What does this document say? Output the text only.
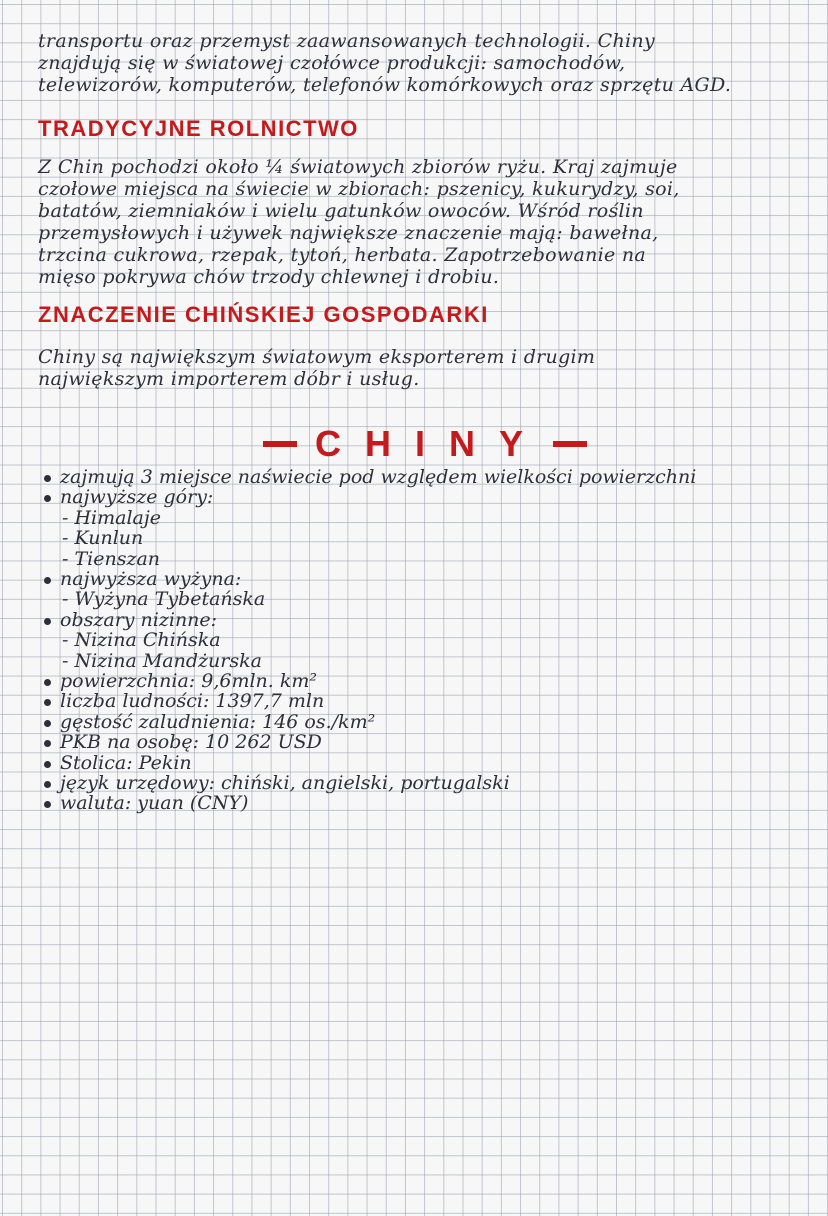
transportu oraz przemyst zaawansowanych technologii. Chiny
znajdują się w światowej czołówce produkcji: samochodów,
telewizorów, komputerów, telefonów komórkowych oraz sprzętu AGD.
TRADYCYJNE ROLNICTWO
Z Chin pochodzi około ¼ światowych zbiorów ryżu. Kraj zajmuje
czołowe miejsca na świecie w zbiorach: pszenicy, kukurydzy, soi,
batatów, ziemniaków i wielu gatunków owoców. Wśród roślin
przemysłowych i używek największe znaczenie mają: bawełna,
trzcina cukrowa, rzepak, tytoń, herbata. Zapotrzebowanie na
mięso pokrywa chów trzody chlewnej i drobiu.
ZNACZENIE CHIŃSKIEJ GOSPODARKI
Chiny są największym światowym eksporterem i drugim
największym importerem dóbr i usług.
CHINY
zajmują 3 miejsce naświecie pod względem wielkości powierzchni
najwyższe góry:
- Himalaje
- Kunlun
- Tienszan
najwyższa wyżyna:
- Wyżyna Tybetańska
obszary nizinne:
- Nizina Chińska
- Nizina Mandżurska
powierzchnia: 9,6mln. km²
liczba ludności: 1397,7 mln
gęstość zaludnienia: 146 os./km²
PKB na osobę: 10 262 USD
Stolica: Pekin
język urzędowy: chiński, angielski, portugalski
waluta: yuan (CNY)
